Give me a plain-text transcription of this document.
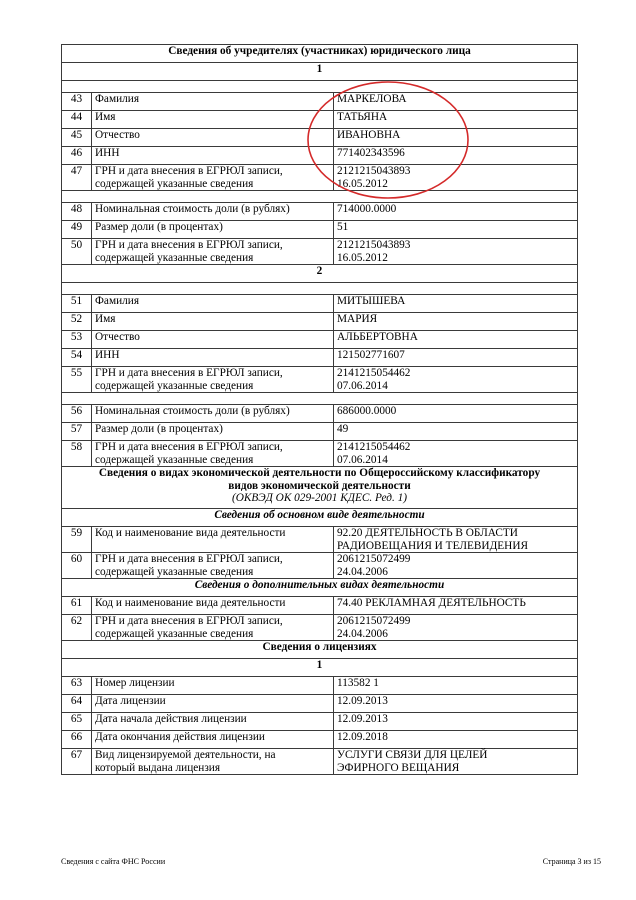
Сведения об учредителях (участниках) юридического лица		
1		

43	Фамилия	МАРКЕЛОВА
44	Имя	ТАТЬЯНА
45	Отчество	ИВАНОВНА
46	ИНН	771402343596
47	ГРН и дата внесения в ЕГРЮЛ записи,
содержащей указанные сведения	2121215043893
16.05.2012

48	Номинальная стоимость доли (в рублях)	714000.0000
49	Размер доли (в процентах)	51
50	ГРН и дата внесения в ЕГРЮЛ записи,
содержащей указанные сведения	2121215043893
16.05.2012
2		

51	Фамилия	МИТЫШЕВА
52	Имя	МАРИЯ
53	Отчество	АЛЬБЕРТОВНА
54	ИНН	121502771607
55	ГРН и дата внесения в ЕГРЮЛ записи,
содержащей указанные сведения	2141215054462
07.06.2014

56	Номинальная стоимость доли (в рублях)	686000.0000
57	Размер доли (в процентах)	49
58	ГРН и дата внесения в ЕГРЮЛ записи,
содержащей указанные сведения	2141215054462
07.06.2014
Сведения о видах экономической деятельности по Общероссийскому классификатору
видов экономической деятельности
(ОКВЭД ОК 029-2001 КДЕС. Ред. 1)		

Сведения об основном виде деятельности		
59	Код и наименование вида деятельности	92.20 ДЕЯТЕЛЬНОСТЬ В ОБЛАСТИ
РАДИОВЕЩАНИЯ И ТЕЛЕВИДЕНИЯ
60	ГРН и дата внесения в ЕГРЮЛ записи,
содержащей указанные сведения	2061215072499
24.04.2006
Сведения о дополнительных видах деятельности		
61	Код и наименование вида деятельности	74.40 РЕКЛАМНАЯ ДЕЯТЕЛЬНОСТЬ
62	ГРН и дата внесения в ЕГРЮЛ записи,
содержащей указанные сведения	2061215072499
24.04.2006
Сведения о лицензиях		
1		
63	Номер лицензии	113582 1
64	Дата лицензии	12.09.2013
65	Дата начала действия лицензии	12.09.2013
66	Дата окончания действия лицензии	12.09.2018
67	Вид лицензируемой деятельности, на
который выдана лицензия	УСЛУГИ СВЯЗИ ДЛЯ ЦЕЛЕЙ
ЭФИРНОГО ВЕЩАНИЯ
Сведения с сайта ФНС России	Страница 3 из 15
